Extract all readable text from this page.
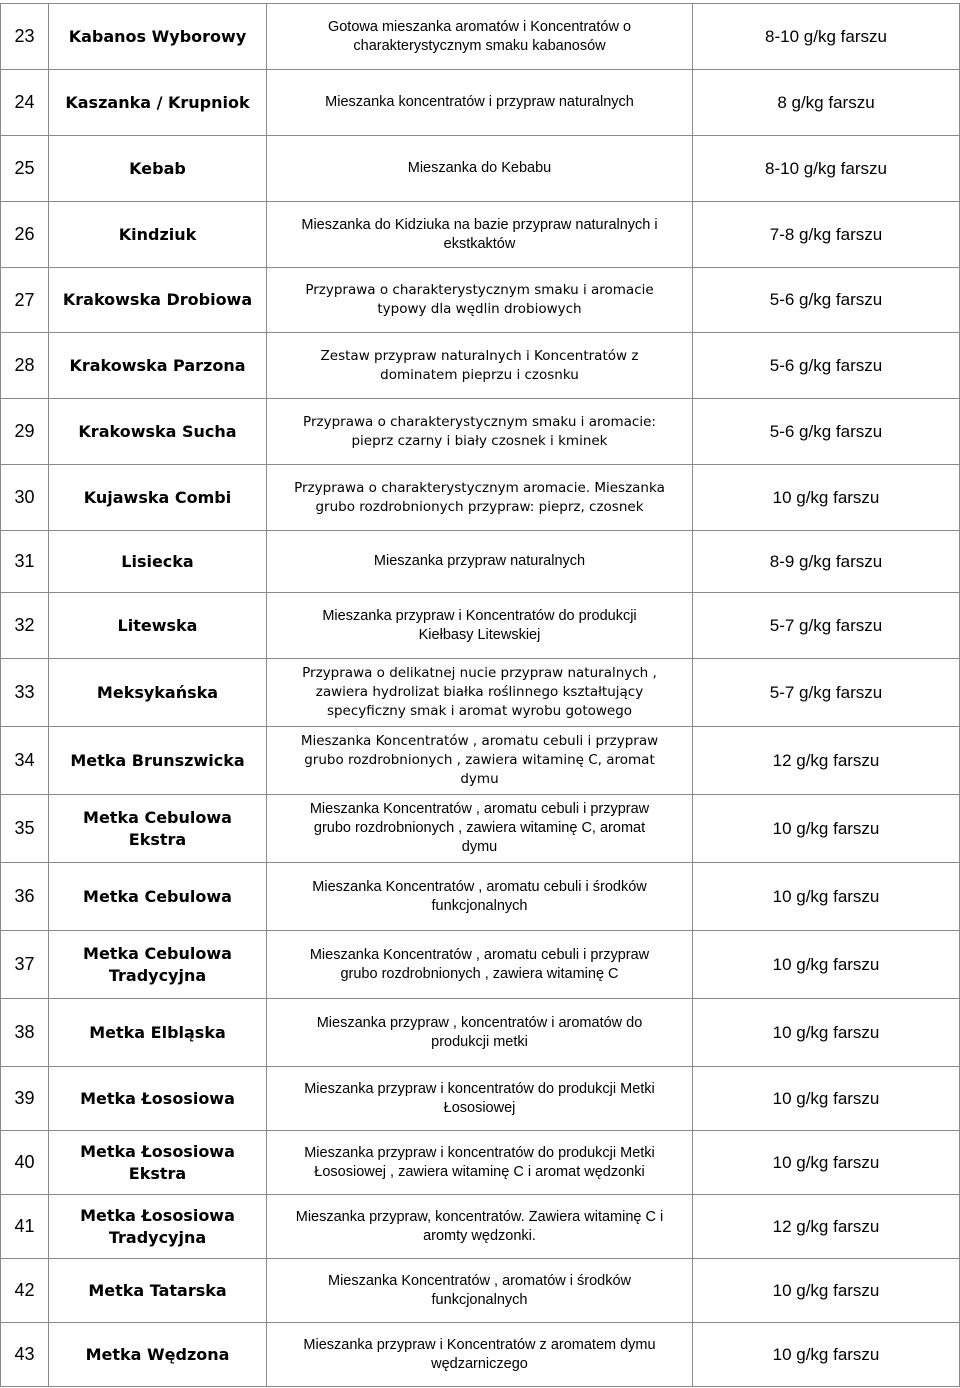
23	Kabanos Wyborowy	Gotowa mieszanka aromatów i Koncentratów o
charakterystycznym smaku kabanosów	8-10 g/kg farszu
24	Kaszanka / Krupniok	Mieszanka koncentratów i przypraw naturalnych	8 g/kg farszu
25	Kebab	Mieszanka do Kebabu	8-10 g/kg farszu
26	Kindziuk	Mieszanka do Kidziuka na bazie przypraw naturalnych i
ekstkaktów	7-8 g/kg farszu
27	Krakowska Drobiowa	Przyprawa o charakterystycznym smaku i aromacie
typowy dla wędlin drobiowych	5-6 g/kg farszu
28	Krakowska Parzona	Zestaw przypraw naturalnych i Koncentratów z
dominatem pieprzu i czosnku	5-6 g/kg farszu
29	Krakowska Sucha	Przyprawa o charakterystycznym smaku i aromacie:
pieprz czarny i biały czosnek i kminek	5-6 g/kg farszu
30	Kujawska Combi	Przyprawa o charakterystycznym aromacie. Mieszanka
grubo rozdrobnionych przypraw: pieprz, czosnek	10 g/kg farszu
31	Lisiecka	Mieszanka przypraw naturalnych	8-9 g/kg farszu
32	Litewska	Mieszanka przypraw i Koncentratów do produkcji
Kiełbasy Litewskiej	5-7 g/kg farszu
33	Meksykańska	Przyprawa o delikatnej nucie przypraw naturalnych ,
zawiera hydrolizat białka roślinnego kształtujący
specyficzny smak i aromat wyrobu gotowego	5-7 g/kg farszu
34	Metka Brunszwicka	Mieszanka Koncentratów , aromatu cebuli i przypraw
grubo rozdrobnionych , zawiera witaminę C, aromat
dymu	12 g/kg farszu
35	Metka Cebulowa Ekstra	Mieszanka Koncentratów , aromatu cebuli i przypraw
grubo rozdrobnionych , zawiera witaminę C, aromat
dymu	10 g/kg farszu
36	Metka Cebulowa	Mieszanka Koncentratów , aromatu cebuli i środków
funkcjonalnych	10 g/kg farszu
37	Metka Cebulowa
Tradycyjna	Mieszanka Koncentratów , aromatu cebuli i przypraw
grubo rozdrobnionych , zawiera witaminę C	10 g/kg farszu
38	Metka Elbląska	Mieszanka przypraw , koncentratów i aromatów do
produkcji metki	10 g/kg farszu
39	Metka Łososiowa	Mieszanka przypraw i koncentratów do produkcji Metki
Łososiowej	10 g/kg farszu
40	Metka Łososiowa
Ekstra	Mieszanka przypraw i koncentratów do produkcji Metki
Łososiowej , zawiera witaminę C i aromat wędzonki	10 g/kg farszu
41	Metka Łososiowa
Tradycyjna	Mieszanka przypraw, koncentratów. Zawiera witaminę C i
aromty wędzonki.	12 g/kg farszu
42	Metka Tatarska	Mieszanka Koncentratów , aromatów i środków
funkcjonalnych	10 g/kg farszu
43	Metka Wędzona	Mieszanka przypraw i Koncentratów z aromatem dymu
wędzarniczego	10 g/kg farszu
